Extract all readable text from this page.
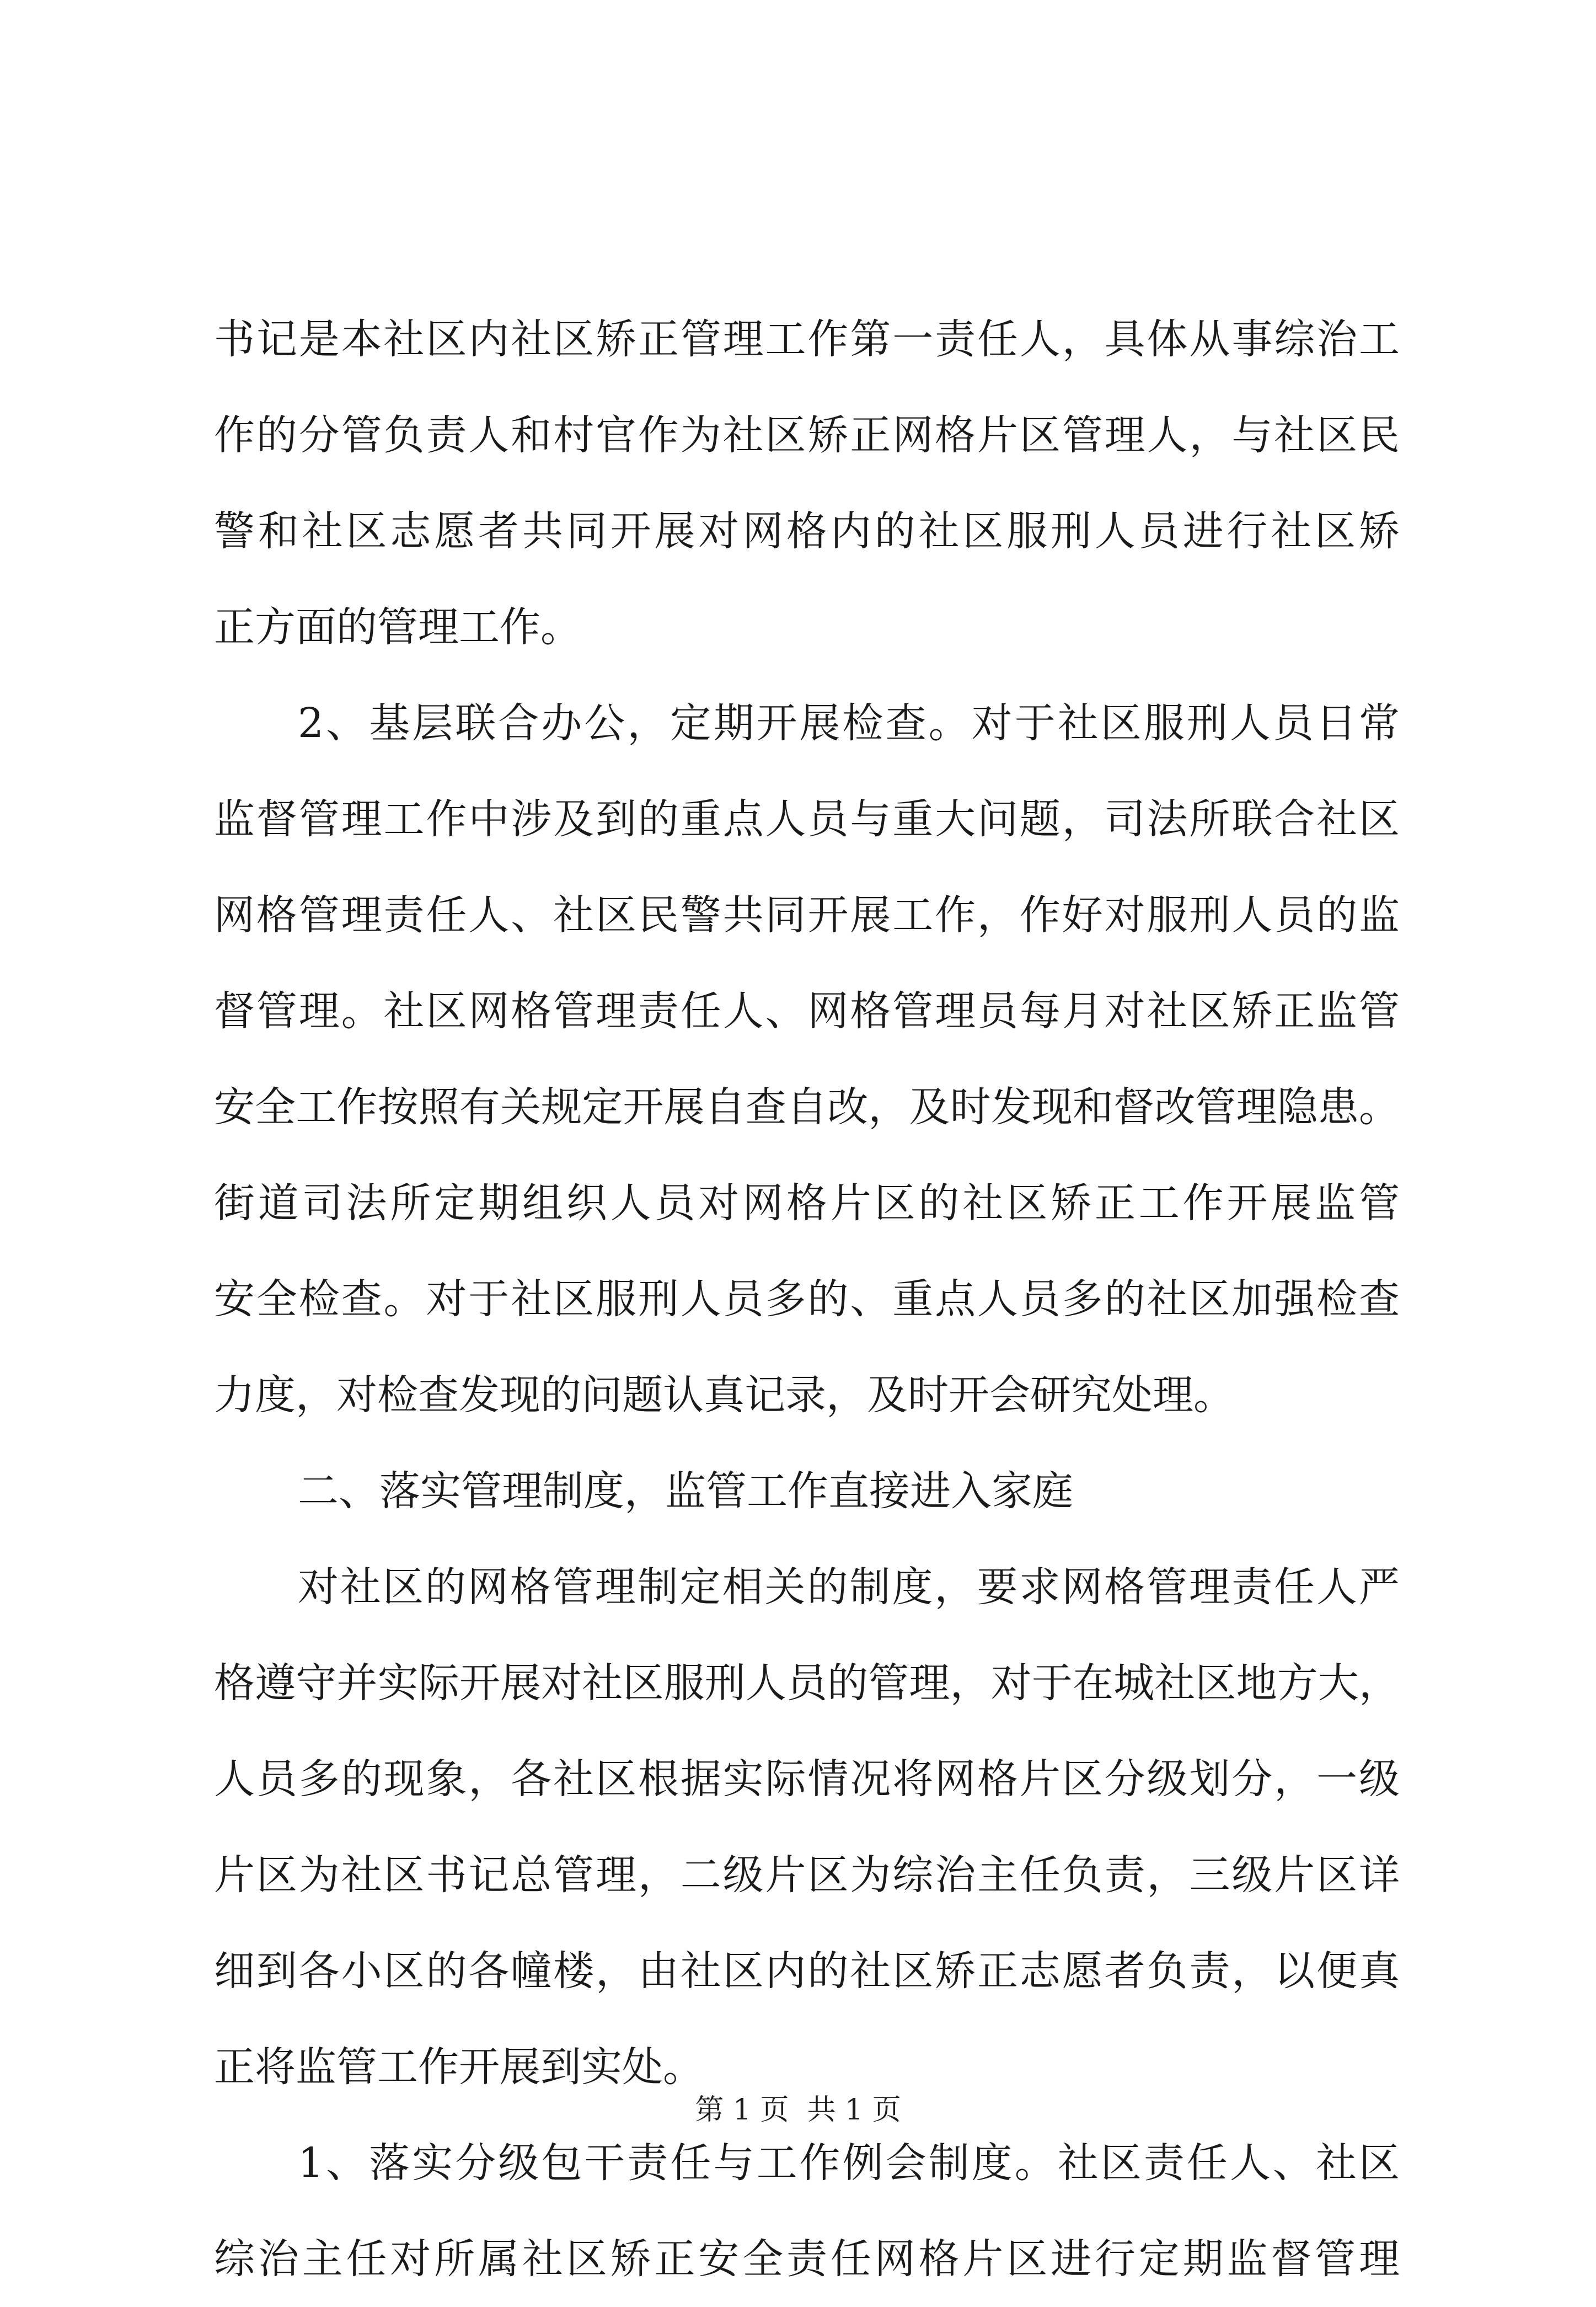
书记是本社区内社区矫正管理工作第一责任人，具体从事综治工
作的分管负责人和村官作为社区矫正网格片区管理人，与社区民
警和社区志愿者共同开展对网格内的社区服刑人员进行社区矫
正方面的管理工作。
2、基层联合办公，定期开展检查。对于社区服刑人员日常
监督管理工作中涉及到的重点人员与重大问题，司法所联合社区
网格管理责任人、社区民警共同开展工作，作好对服刑人员的监
督管理。社区网格管理责任人、网格管理员每月对社区矫正监管
安全工作按照有关规定开展自查自改，及时发现和督改管理隐患。
街道司法所定期组织人员对网格片区的社区矫正工作开展监管
安全检查。对于社区服刑人员多的、重点人员多的社区加强检查
力度，对检查发现的问题认真记录，及时开会研究处理。
二、落实管理制度，监管工作直接进入家庭
对社区的网格管理制定相关的制度，要求网格管理责任人严
格遵守并实际开展对社区服刑人员的管理，对于在城社区地方大，
人员多的现象，各社区根据实际情况将网格片区分级划分，一级
片区为社区书记总管理，二级片区为综治主任负责，三级片区详
细到各小区的各幢楼，由社区内的社区矫正志愿者负责，以便真
正将监管工作开展到实处。
1、落实分级包干责任与工作例会制度。社区责任人、社区
综治主任对所属社区矫正安全责任网格片区进行定期监督管理
第 1 页  共 1 页
